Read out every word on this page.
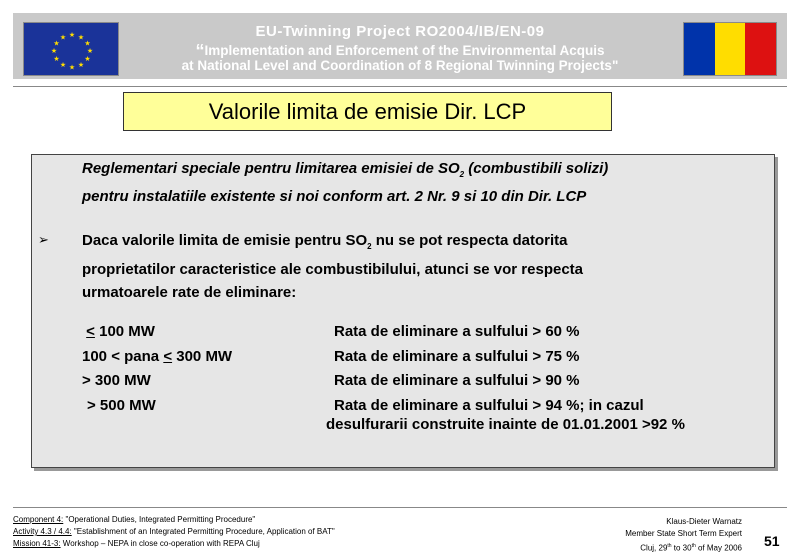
★ ★
★
★
★
★
★
★
★
★
★
★	EU-Twinning Project RO2004/IB/EN-09
“Implementation and Enforcement of the Environmental Acquis
at National Level and Coordination of 8 Regional Twinning Projects"
Valorile limita de emisie Dir. LCP
Reglementari speciale pentru limitarea emisiei de $SO_2$ (combustibili solizi)
pentru instalatiile existente si noi conform art. 2 Nr. 9 si 10 din Dir. LCP
➢ Daca valorile limita de emisie pentru $SO_2$ nu se pot respecta datorita
proprietatilor caracteristice ale combustibilului, atunci se vor respecta
urmatoarele rate de eliminare:
< 100 MW	Rata de eliminare a sulfului > 60 %
100 < pana < 300 MW	Rata de eliminare a sulfului > 75 %
> 300 MW	Rata de eliminare a sulfului > 90 %
> 500 MW	Rata de eliminare a sulfului > 94 %; in cazul
desulfurarii construite inainte de 01.01.2001 >92 %
Component 4: "Operational Duties, Integrated Permitting Procedure"
Activity 4.3 / 4.4: "Establishment of an Integrated Permitting Procedure, Application of BAT"
Mission 41-3: Workshop – NEPA in close co-operation with REPA Cluj
Klaus-Dieter Warnatz
Member State Short Term Expert
Cluj, 29th to 30th of May 2006 51
